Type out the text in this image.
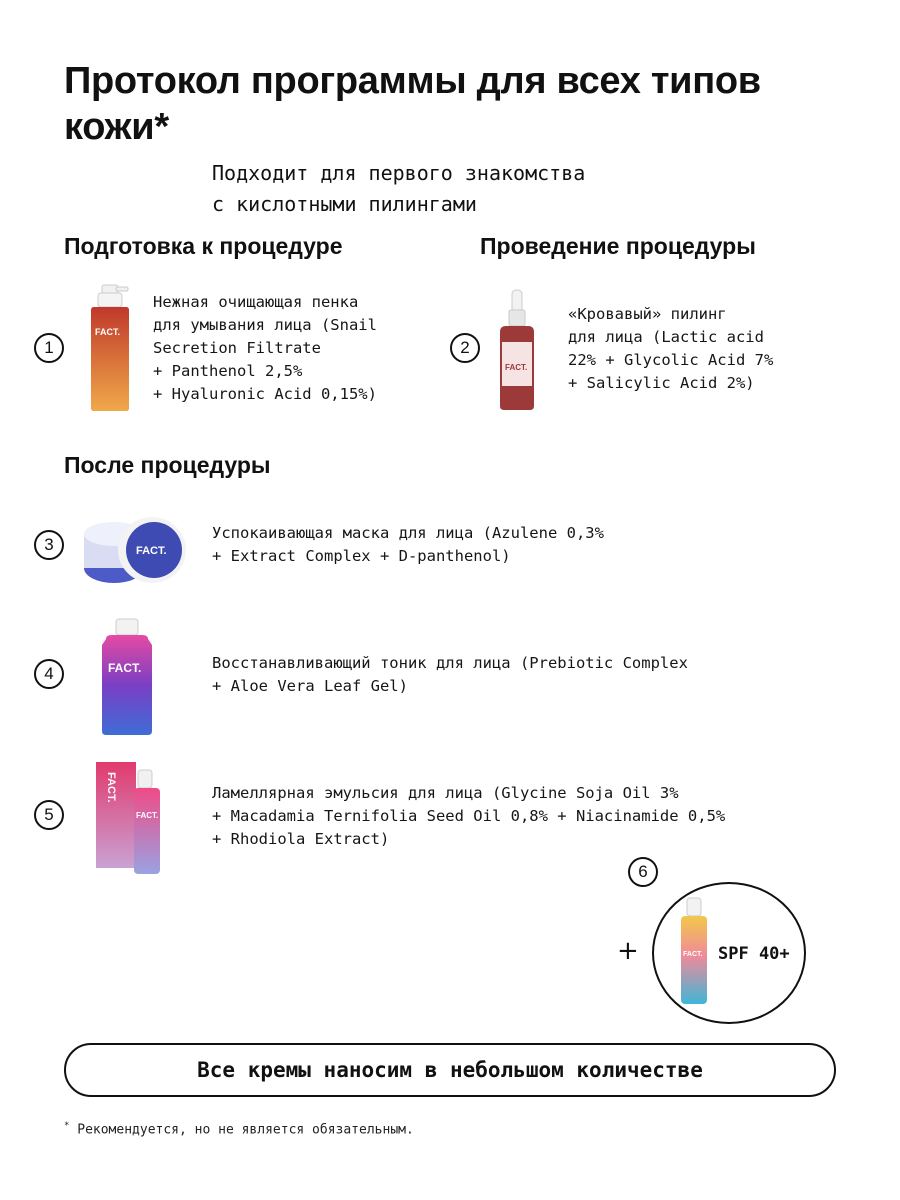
Протокол программы для всех типов кожи*
Подходит для первого знакомства
с кислотными пилингами
Подготовка к процедуре	Проведение процедуры
После процедуры
1
FACT.
Нежная очищающая пенка
для умывания лица (Snail
Secretion Filtrate
+ Panthenol 2,5%
+ Hyaluronic Acid 0,15%)
2
FACT.
«Кровавый» пилинг
для лица (Lactic acid
22% + Glycolic Acid 7%
+ Salicylic Acid 2%)
3	FACT.
Успокаивающая маска для лица (Azulene 0,3%
+ Extract Complex + D-panthenol)
4	FACT.	Восстанавливающий тоник для лица (Prebiotic Complex
+ Aloe Vera Leaf Gel)
5
FACT.
FACT.
Ламеллярная эмульсия для лица (Glycine Soja Oil 3%
+ Macadamia Ternifolia Seed Oil 0,8% + Niacinamide 0,5%
+ Rhodiola Extract)
6
+	FACT. SPF 40+
Все кремы наносим в небольшом количестве
* Рекомендуется, но не является обязательным.
